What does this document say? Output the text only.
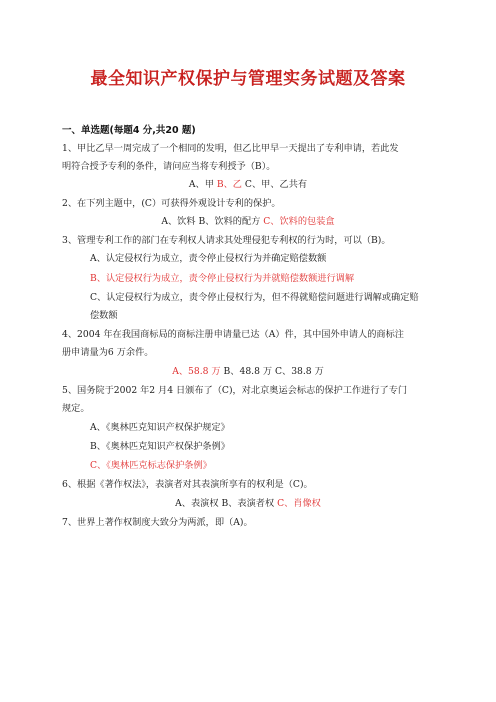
最全知识产权保护与管理实务试题及答案
一、单选题(每题4 分,共20 题)
1、甲比乙早一周完成了一个相同的发明，但乙比甲早一天提出了专利申请，若此发
明符合授予专利的条件，请问应当将专利授予（B）。
A、甲 B、乙 C、甲、乙共有
2、在下列主题中，(C）可获得外观设计专利的保护。
A、饮料 B、饮料的配方 C、饮料的包装盒
3、管理专利工作的部门在专利权人请求其处理侵犯专利权的行为时，可以（B)。
A、认定侵权行为成立，责令停止侵权行为并确定赔偿数额
B、认定侵权行为成立，责令停止侵权行为并就赔偿数额进行调解
C、认定侵权行为成立，责令停止侵权行为，但不得就赔偿问题进行调解或确定赔
偿数额
4、2004 年在我国商标局的商标注册申请量已达（A）件，其中国外申请人的商标注
册申请量为6 万余件。
A、58.8 万 B、48.8 万 C、38.8 万
5、国务院于2002 年2 月4 日颁布了（C)，对北京奥运会标志的保护工作进行了专门
规定。
A、《奥林匹克知识产权保护规定》
B、《奥林匹克知识产权保护条例》
C、《奥林匹克标志保护条例》
6、根据《著作权法》，表演者对其表演所享有的权利是（C)。
A、表演权 B、表演者权 C、肖像权
7、世界上著作权制度大致分为两派，即（A)。
